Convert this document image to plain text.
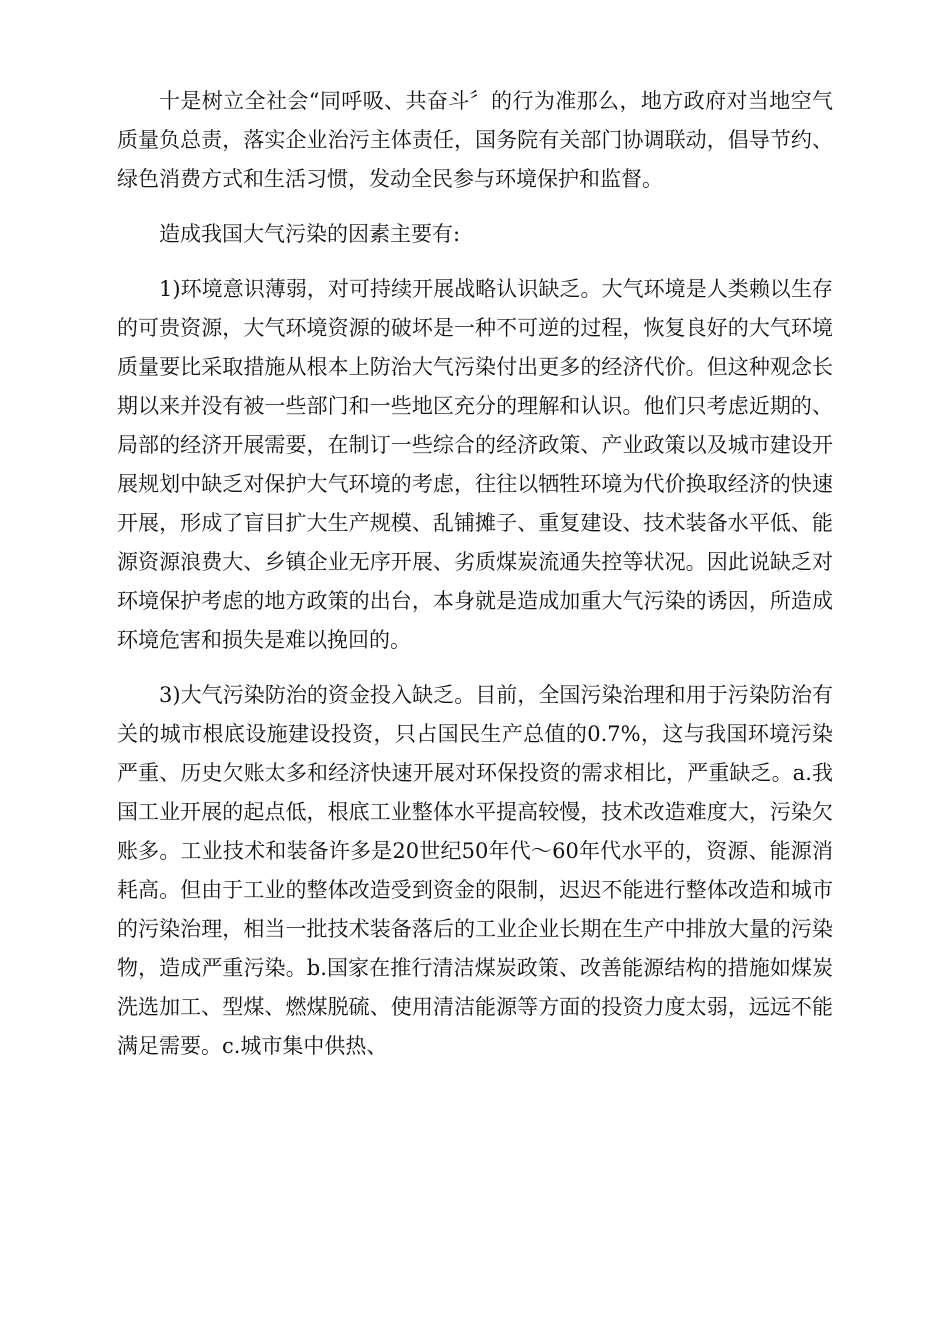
十是树立全社会“同呼吸、共奋斗〞的行为准那么，地方政府对当地空气质量负总责，落实企业治污主体责任，国务院有关部门协调联动，倡导节约、绿色消费方式和生活习惯，发动全民参与环境保护和监督。

造成我国大气污染的因素主要有:

1)环境意识薄弱，对可持续开展战略认识缺乏。大气环境是人类赖以生存的可贵资源，大气环境资源的破坏是一种不可逆的过程，恢复良好的大气环境质量要比采取措施从根本上防治大气污染付出更多的经济代价。但这种观念长期以来并没有被一些部门和一些地区充分的理解和认识。他们只考虑近期的、局部的经济开展需要，在制订一些综合的经济政策、产业政策以及城市建设开展规划中缺乏对保护大气环境的考虑，往往以牺牲环境为代价换取经济的快速开展，形成了盲目扩大生产规模、乱铺摊子、重复建设、技术装备水平低、能源资源浪费大、乡镇企业无序开展、劣质煤炭流通失控等状况。因此说缺乏对环境保护考虑的地方政策的出台，本身就是造成加重大气污染的诱因，所造成环境危害和损失是难以挽回的。

3)大气污染防治的资金投入缺乏。目前，全国污染治理和用于污染防治有关的城市根底设施建设投资，只占国民生产总值的0.7%，这与我国环境污染严重、历史欠账太多和经济快速开展对环保投资的需求相比，严重缺乏。a.我国工业开展的起点低，根底工业整体水平提高较慢，技术改造难度大，污染欠账多。工业技术和装备许多是20世纪50年代～60年代水平的，资源、能源消耗高。但由于工业的整体改造受到资金的限制，迟迟不能进行整体改造和城市的污染治理，相当一批技术装备落后的工业企业长期在生产中排放大量的污染物，造成严重污染。b.国家在推行清洁煤炭政策、改善能源结构的措施如煤炭洗选加工、型煤、燃煤脱硫、使用清洁能源等方面的投资力度太弱，远远不能满足需要。c.城市集中供热、
